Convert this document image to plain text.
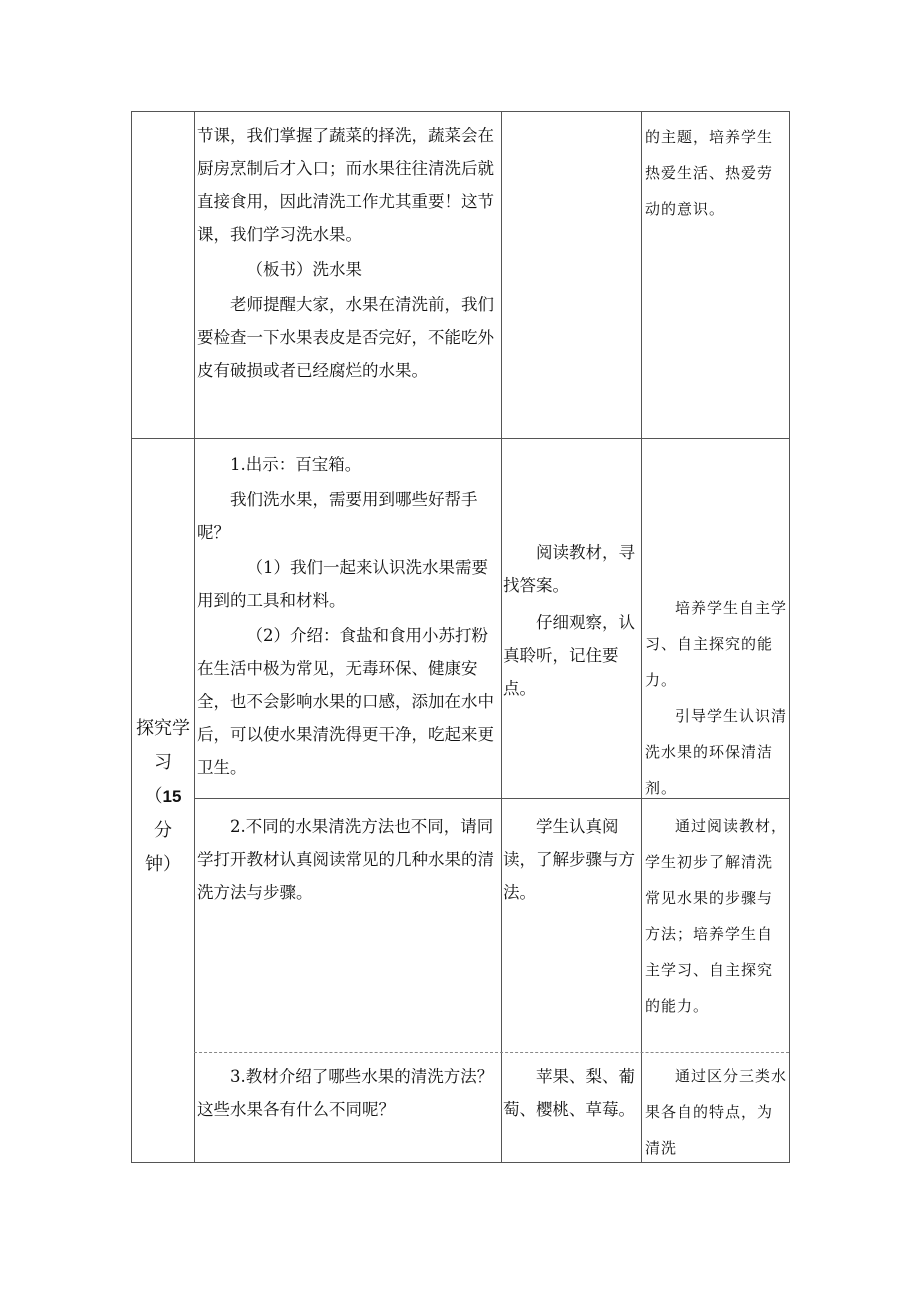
节课，我们掌握了蔬菜的择洗，蔬菜会在厨房烹制后才入口；而水果往往清洗后就直接食用，因此清洗工作尤其重要！这节课，我们学习洗水果。

（板书）洗水果

老师提醒大家，水果在清洗前，我们要检查一下水果表皮是否完好，不能吃外皮有破损或者已经腐烂的水果。

的主题，培养学生热爱生活、热爱劳动的意识。

探究学
习
（15
分
钟）

1.出示：百宝箱。

我们洗水果，需要用到哪些好帮手呢？

（1）我们一起来认识洗水果需要用到的工具和材料。

（2）介绍：食盐和食用小苏打粉在生活中极为常见，无毒环保、健康安全，也不会影响水果的口感，添加在水中后，可以使水果清洗得更干净，吃起来更卫生。

阅读教材，寻找答案。

仔细观察，认真聆听，记住要点。

培养学生自主学习、自主探究的能力。

引导学生认识清洗水果的环保清洁剂。

2.不同的水果清洗方法也不同，请同学打开教材认真阅读常见的几种水果的清洗方法与步骤。

学生认真阅读，了解步骤与方法。

通过阅读教材，学生初步了解清洗常见水果的步骤与方法；培养学生自主学习、自主探究的能力。

3.教材介绍了哪些水果的清洗方法？这些水果各有什么不同呢？

苹果、梨、葡萄、樱桃、草莓。

通过区分三类水果各自的特点，为清洗
